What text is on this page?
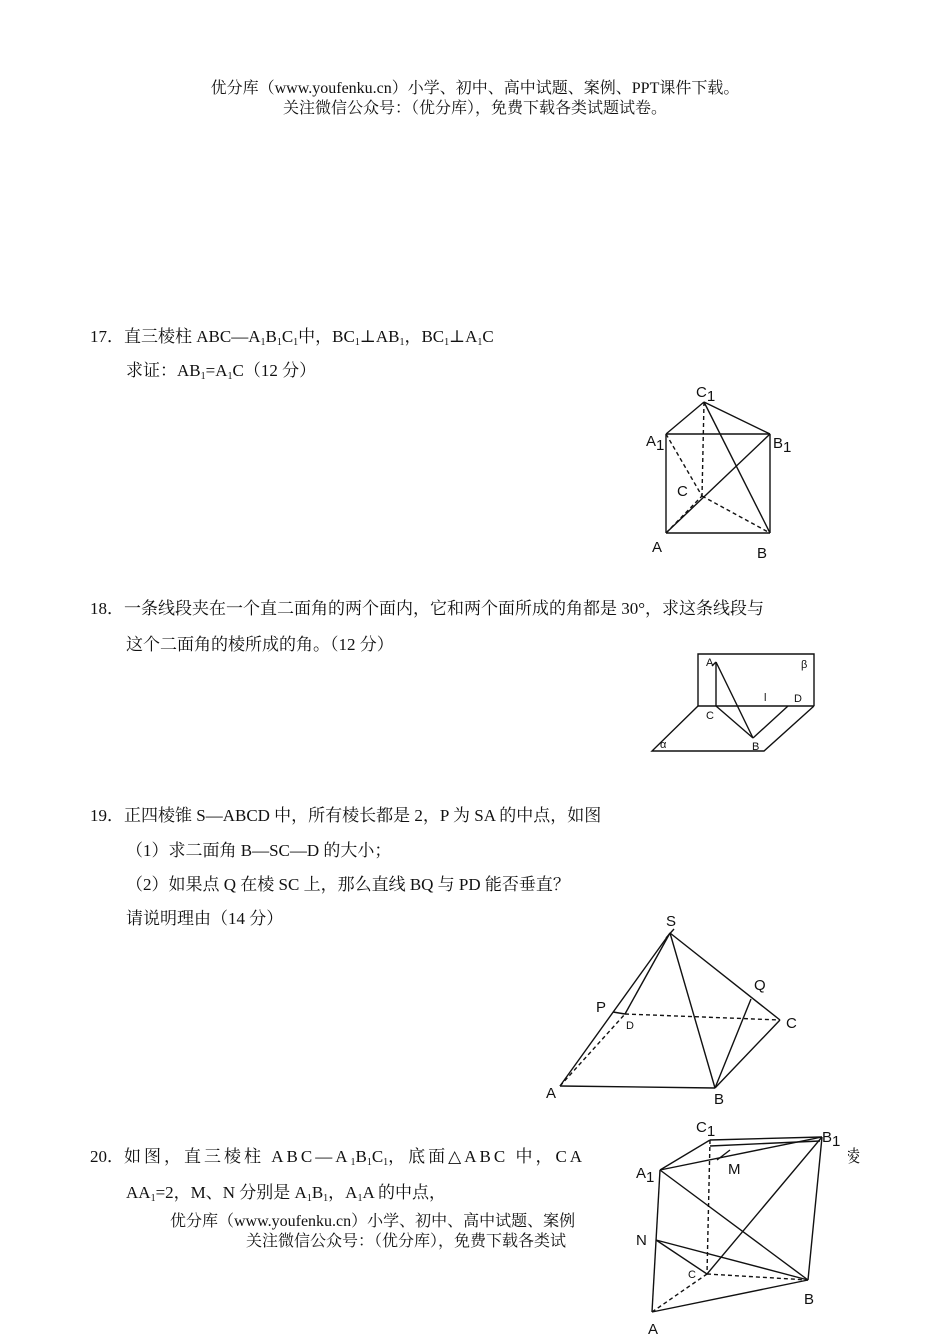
优分库（www.youfenku.cn）小学、初中、高中试题、案例、PPT课件下载。
关注微信公众号：（优分库），免费下载各类试题试卷。
17．直三棱柱 $ABC—A_1B_1C_1$中，$BC_1\perp AB_1$，$BC_1\perp A_1C$
求证：$AB_1=A_1C(12$ 分）
C1
A1	B1
C
A	B
18．一条线段夹在一个直二面角的两个面内，它和两个面所成的角都是 30°，求这条线段与
这个二面角的棱所成的角。（12 分）
A	β
l	D
C
B
α
19．正四棱锥 S—ABCD 中，所有棱长都是 2，P 为 SA 的中点，如图
（1）求二面角 B—SC—D 的大小；
（2）如果点 Q 在棱 SC 上，那么直线 BQ 与 PD 能否垂直？
请说明理由（14 分）	S
P
D
Q
C
A	B
20．如图，直三棱柱 $ABC—A_1B_1C_1$，底面△ABC 中，CA	棱
$AA_1=2$，M、N 分别是 $A_1B_1$，$A_1A$ 的中点，
优分库（www.youfenku.cn）小学、初中、高中试题、案例
关注微信公众号：（优分库），免费下载各类试
C1
A1	M
B1
N
C
B
A
